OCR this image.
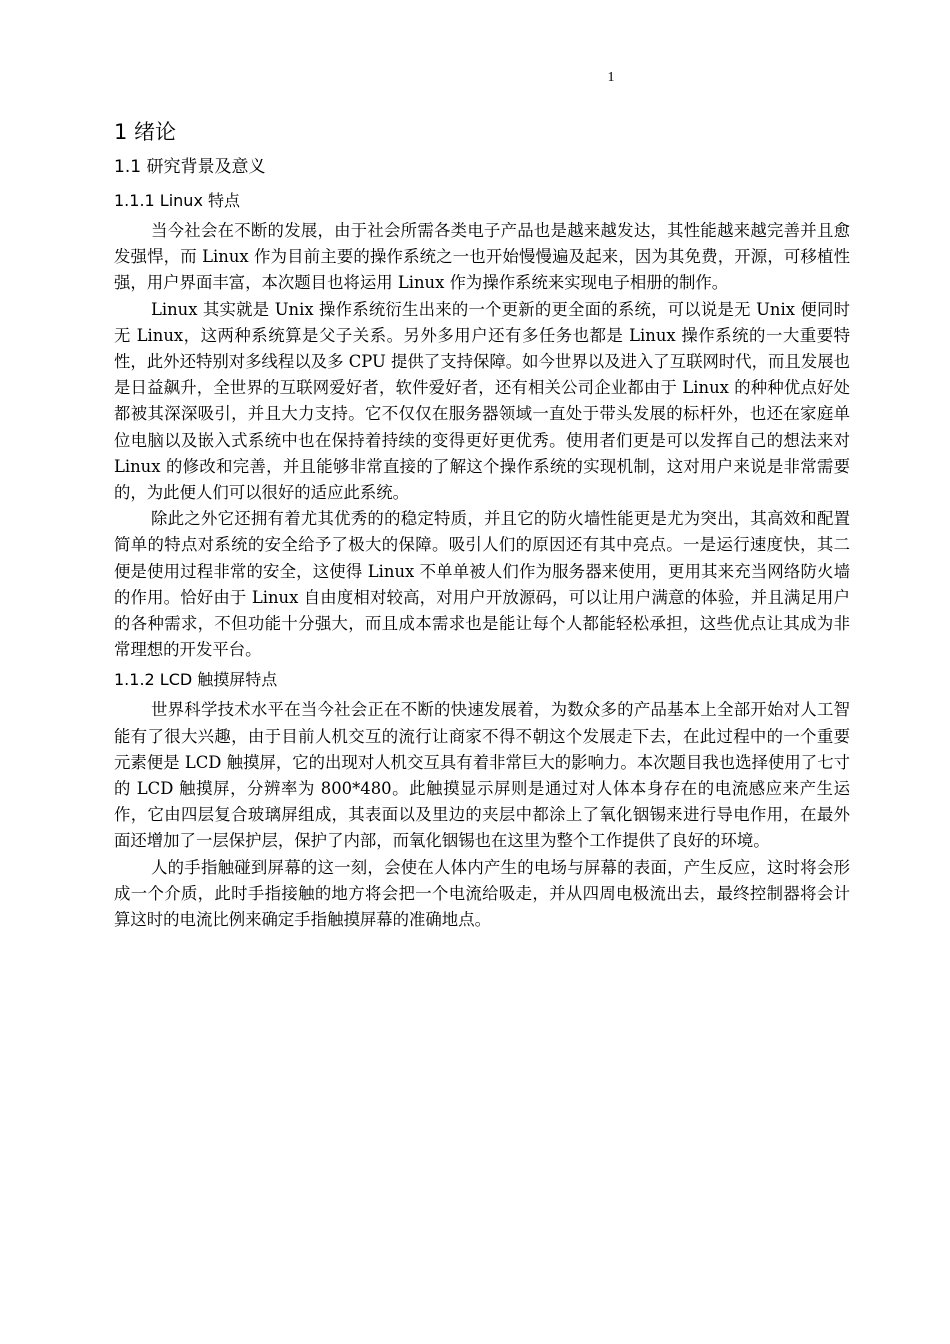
1
1 绪论
1.1 研究背景及意义
1.1.1 Linux 特点

当今社会在不断的发展，由于社会所需各类电子产品也是越来越发达，其性能越来越完善并且愈发强悍，而 Linux 作为目前主要的操作系统之一也开始慢慢遍及起来，因为其免费，开源，可移植性强，用户界面丰富，本次题目也将运用 Linux 作为操作系统来实现电子相册的制作。

Linux 其实就是 Unix 操作系统衍生出来的一个更新的更全面的系统，可以说是无 Unix 便同时无 Linux，这两种系统算是父子关系。另外多用户还有多任务也都是 Linux 操作系统的一大重要特性，此外还特别对多线程以及多 CPU 提供了支持保障。如今世界以及进入了互联网时代，而且发展也是日益飙升，全世界的互联网爱好者，软件爱好者，还有相关公司企业都由于 Linux 的种种优点好处都被其深深吸引，并且大力支持。它不仅仅在服务器领域一直处于带头发展的标杆外，也还在家庭单位电脑以及嵌入式系统中也在保持着持续的变得更好更优秀。使用者们更是可以发挥自己的想法来对 Linux 的修改和完善，并且能够非常直接的了解这个操作系统的实现机制，这对用户来说是非常需要的，为此便人们可以很好的适应此系统。

除此之外它还拥有着尤其优秀的的稳定特质，并且它的防火墙性能更是尤为突出，其高效和配置简单的特点对系统的安全给予了极大的保障。吸引人们的原因还有其中亮点。一是运行速度快，其二便是使用过程非常的安全，这使得 Linux 不单单被人们作为服务器来使用，更用其来充当网络防火墙的作用。恰好由于 Linux 自由度相对较高，对用户开放源码，可以让用户满意的体验，并且满足用户的各种需求，不但功能十分强大，而且成本需求也是能让每个人都能轻松承担，这些优点让其成为非常理想的开发平台。

1.1.2 LCD 触摸屏特点

世界科学技术水平在当今社会正在不断的快速发展着，为数众多的产品基本上全部开始对人工智能有了很大兴趣，由于目前人机交互的流行让商家不得不朝这个发展走下去，在此过程中的一个重要元素便是 LCD 触摸屏，它的出现对人机交互具有着非常巨大的影响力。本次题目我也选择使用了七寸的 LCD 触摸屏，分辨率为 800*480。此触摸显示屏则是通过对人体本身存在的电流感应来产生运作，它由四层复合玻璃屏组成，其表面以及里边的夹层中都涂上了氧化铟锡来进行导电作用，在最外面还增加了一层保护层，保护了内部，而氧化铟锡也在这里为整个工作提供了良好的环境。

人的手指触碰到屏幕的这一刻，会使在人体内产生的电场与屏幕的表面，产生反应，这时将会形成一个介质，此时手指接触的地方将会把一个电流给吸走，并从四周电极流出去，最终控制器将会计算这时的电流比例来确定手指触摸屏幕的准确地点。
